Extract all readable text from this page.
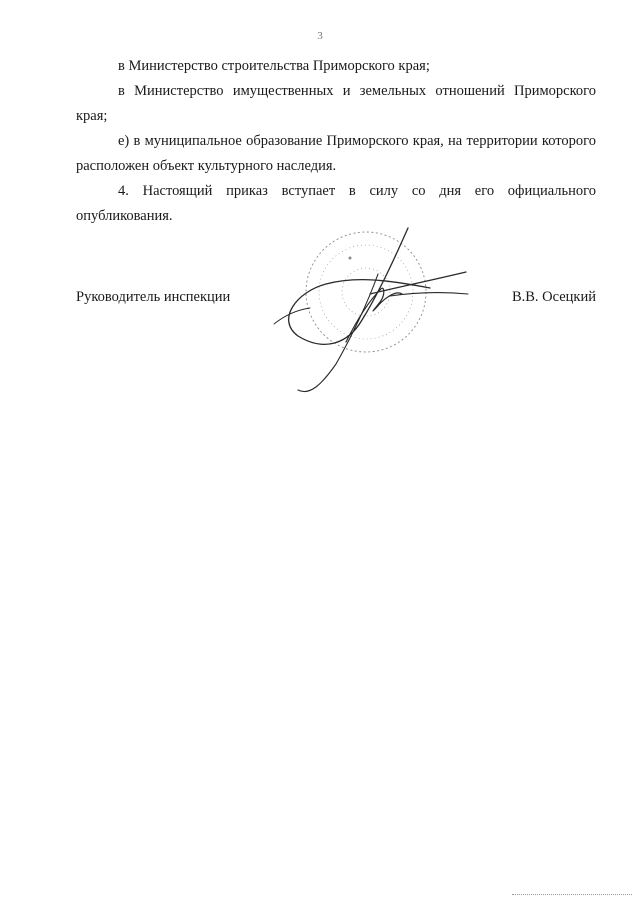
3

в Министерство строительства Приморского края;

в Министерство имущественных и земельных отношений Приморского края;

е) в муниципальное образование Приморского края, на территории которого расположен объект культурного наследия.

4. Настоящий приказ вступает в силу со дня его официального опубликования.

Руководитель инспекции	В.В. Осецкий
